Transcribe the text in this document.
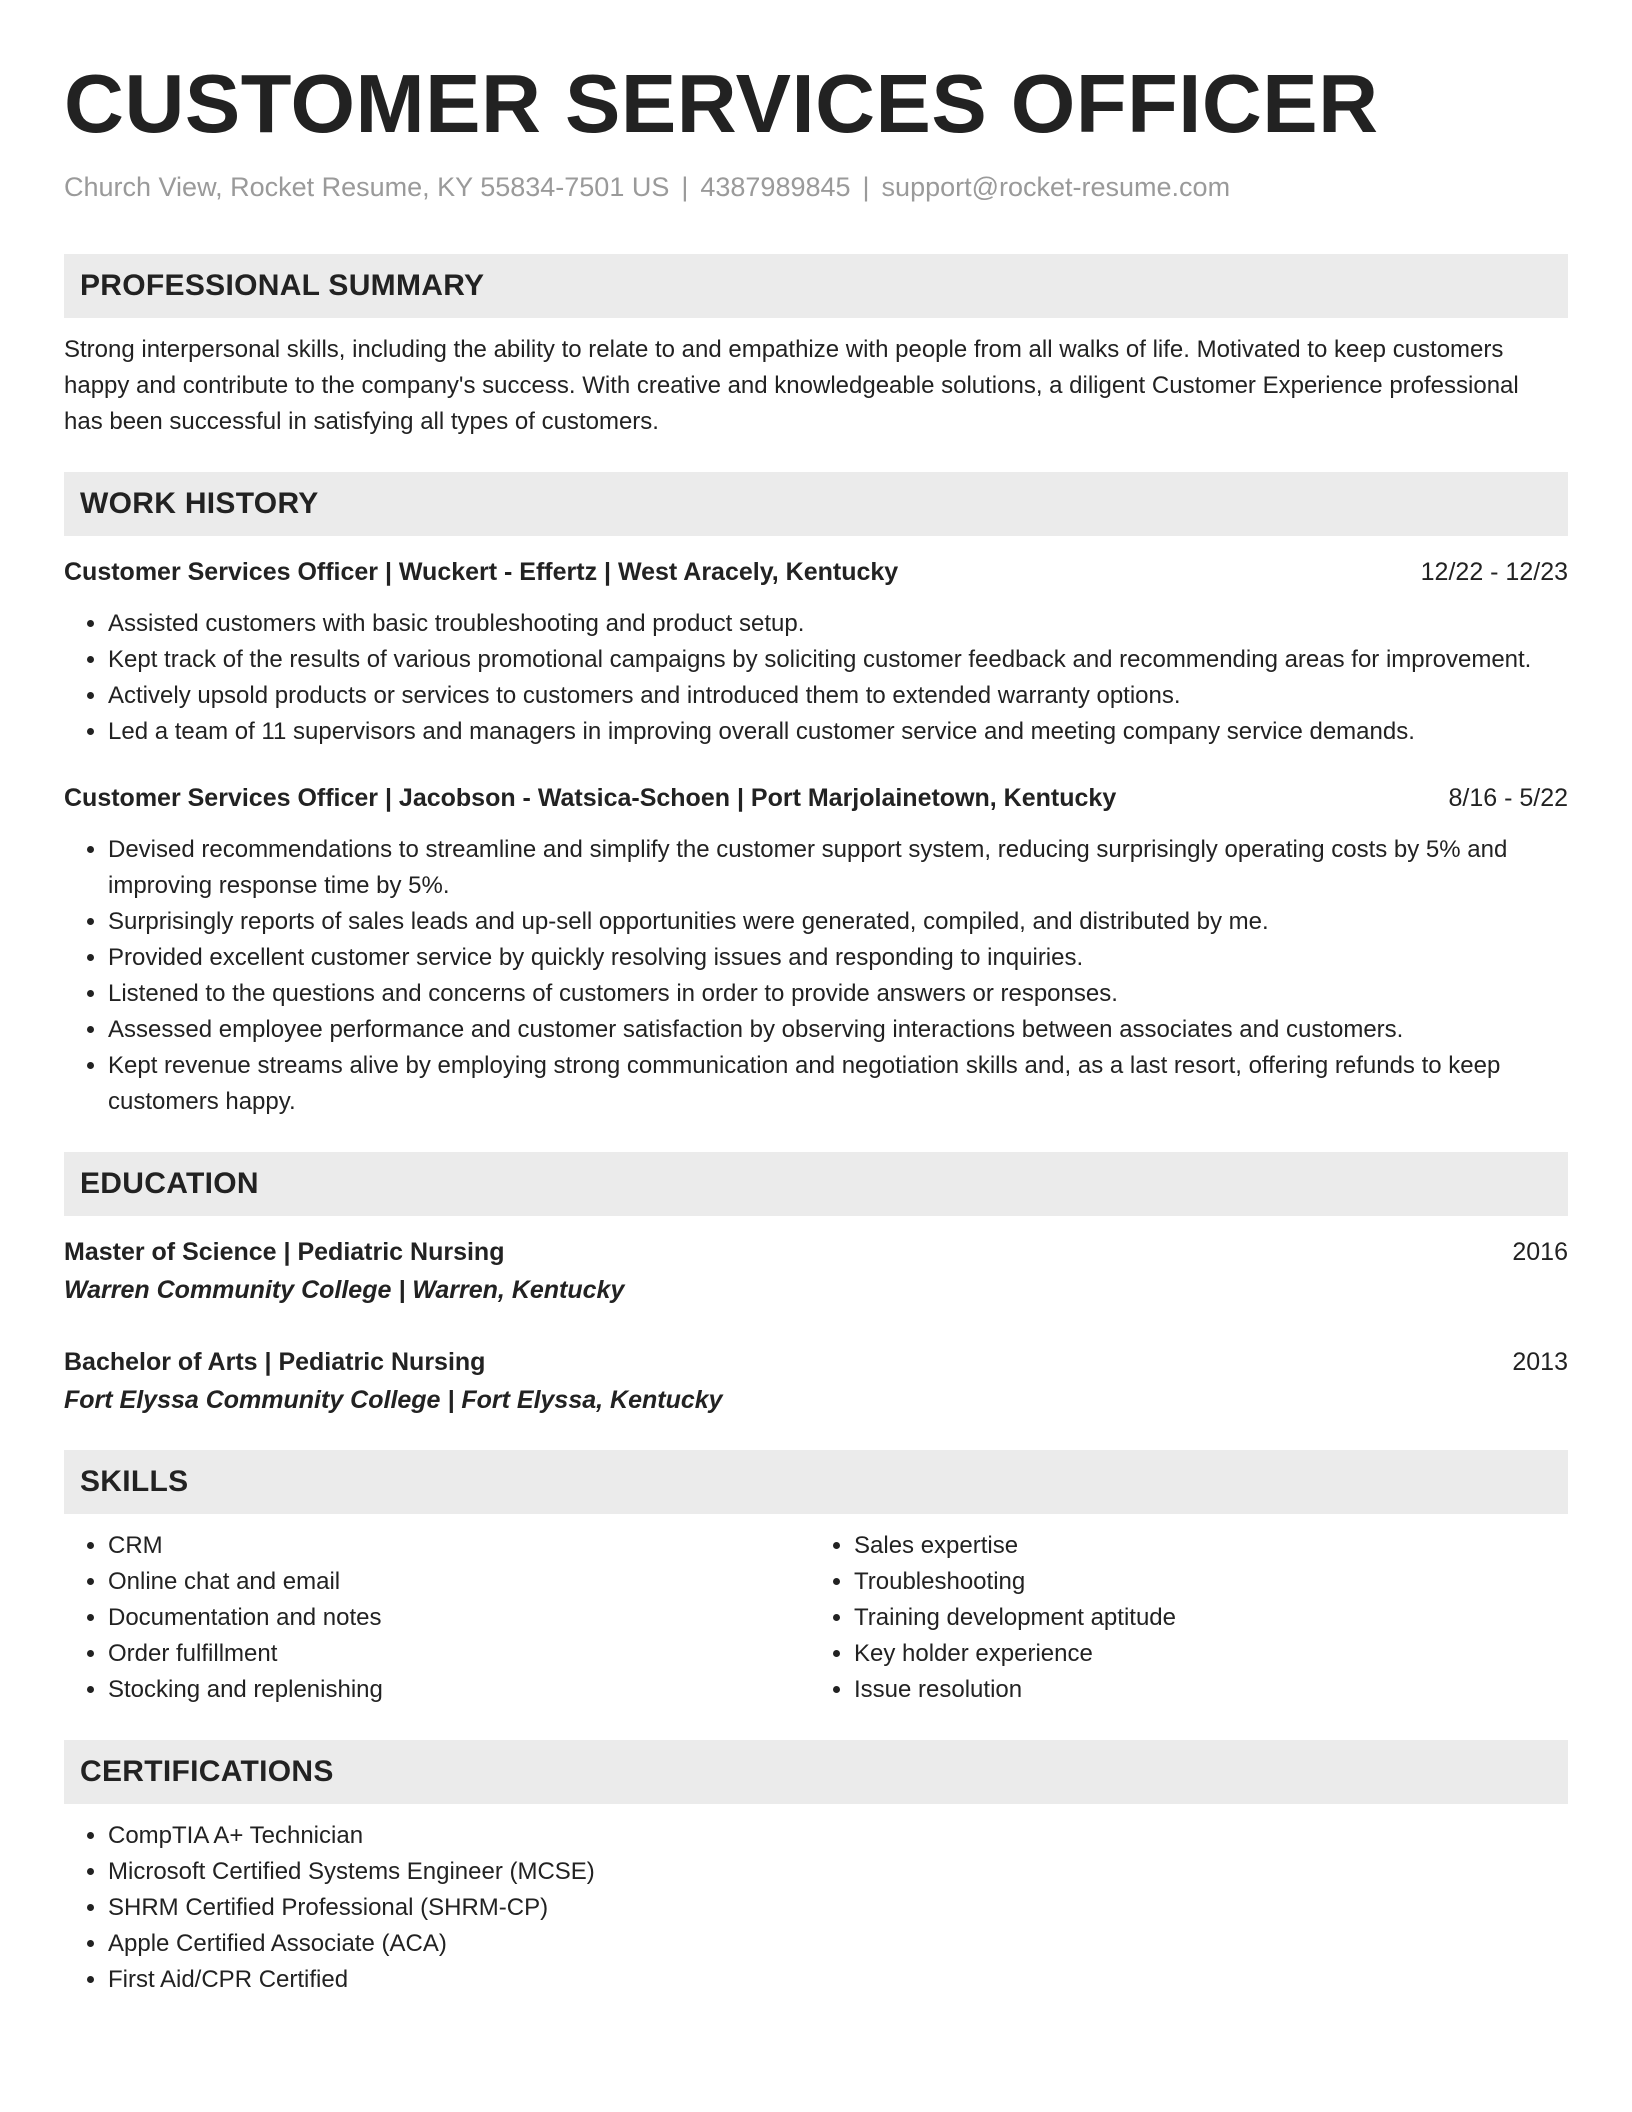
CUSTOMER SERVICES OFFICER
Church View, Rocket Resume, KY 55834-7501 US | 4387989845 | support@rocket-resume.com
PROFESSIONAL SUMMARY
Strong interpersonal skills, including the ability to relate to and empathize with people from all walks of life. Motivated to keep customers happy and contribute to the company's success. With creative and knowledgeable solutions, a diligent Customer Experience professional has been successful in satisfying all types of customers.
WORK HISTORY
Customer Services Officer | Wuckert - Effertz | West Aracely, Kentucky	12/22 - 12/23
• Assisted customers with basic troubleshooting and product setup.
• Kept track of the results of various promotional campaigns by soliciting customer feedback and recommending areas for improvement.
• Actively upsold products or services to customers and introduced them to extended warranty options.
• Led a team of 11 supervisors and managers in improving overall customer service and meeting company service demands.
Customer Services Officer | Jacobson - Watsica-Schoen | Port Marjolainetown, Kentucky	8/16 - 5/22
• Devised recommendations to streamline and simplify the customer support system, reducing surprisingly operating costs by 5% and improving response time by 5%.
• Surprisingly reports of sales leads and up-sell opportunities were generated, compiled, and distributed by me.
• Provided excellent customer service by quickly resolving issues and responding to inquiries.
• Listened to the questions and concerns of customers in order to provide answers or responses.
• Assessed employee performance and customer satisfaction by observing interactions between associates and customers.
• Kept revenue streams alive by employing strong communication and negotiation skills and, as a last resort, offering refunds to keep customers happy.
EDUCATION
Master of Science | Pediatric Nursing	2016
Warren Community College | Warren, Kentucky
Bachelor of Arts | Pediatric Nursing	2013
Fort Elyssa Community College | Fort Elyssa, Kentucky
SKILLS
• CRM
• Online chat and email
• Documentation and notes
• Order fulfillment
• Stocking and replenishing
• Sales expertise
• Troubleshooting
• Training development aptitude
• Key holder experience
• Issue resolution
CERTIFICATIONS
• CompTIA A+ Technician
• Microsoft Certified Systems Engineer (MCSE)
• SHRM Certified Professional (SHRM-CP)
• Apple Certified Associate (ACA)
• First Aid/CPR Certified
